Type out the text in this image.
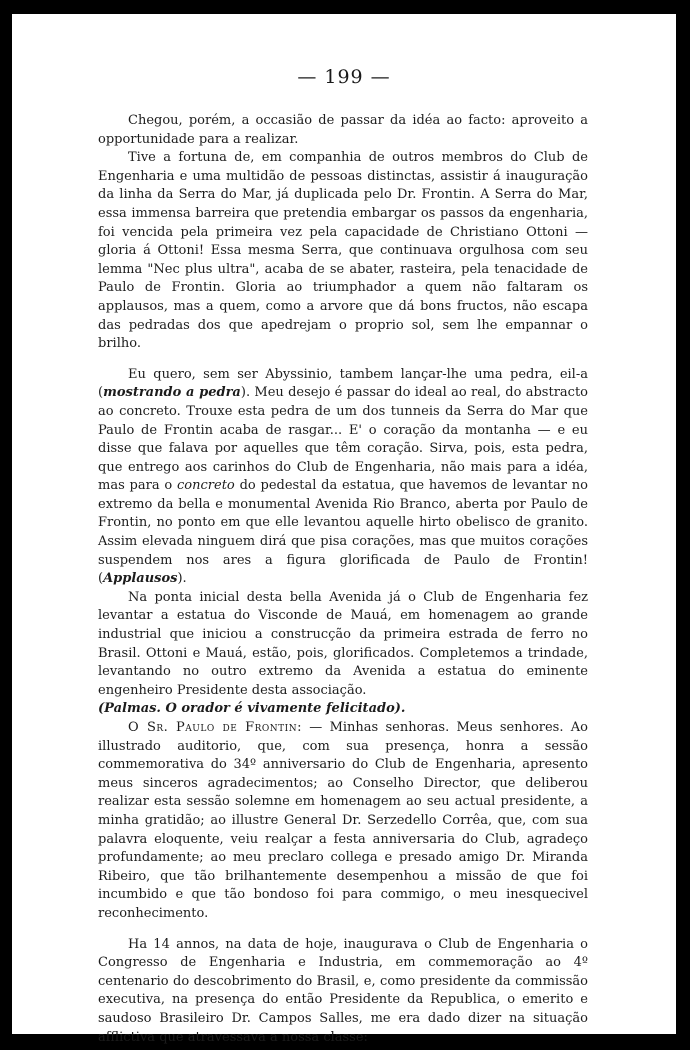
— 199 —

Chegou, porém, a occasião de passar da idéa ao facto: aproveito a opportunidade para a realizar.

Tive a fortuna de, em companhia de outros membros do Club de Engenharia e uma multidão de pessoas distinctas, assistir á inauguração da linha da Serra do Mar, já duplicada pelo Dr. Frontin. A Serra do Mar, essa immensa barreira que pretendia embargar os passos da engenharia, foi vencida pela primeira vez pela capacidade de Christiano Ottoni — gloria á Ottoni! Essa mesma Serra, que continuava orgulhosa com seu lemma "Nec plus ultra", acaba de se abater, rasteira, pela tenacidade de Paulo de Frontin. Gloria ao triumphador a quem não faltaram os applausos, mas a quem, como a arvore que dá bons fructos, não escapa das pedradas dos que apedrejam o proprio sol, sem lhe empannar o brilho.

Eu quero, sem ser Abyssinio, tambem lançar-lhe uma pedra, eil-a (mostrando a pedra). Meu desejo é passar do ideal ao real, do abstracto ao concreto. Trouxe esta pedra de um dos tunneis da Serra do Mar que Paulo de Frontin acaba de rasgar... E' o coração da montanha — e eu disse que falava por aquelles que têm coração. Sirva, pois, esta pedra, que entrego aos carinhos do Club de Engenharia, não mais para a idéa, mas para o concreto do pedestal da estatua, que havemos de levantar no extremo da bella e monumental Avenida Rio Branco, aberta por Paulo de Frontin, no ponto em que elle levantou aquelle hirto obelisco de granito. Assim elevada ninguem dirá que pisa corações, mas que muitos corações suspendem nos ares a figura glorificada de Paulo de Frontin! (Applausos).

Na ponta inicial desta bella Avenida já o Club de Engenharia fez levantar a estatua do Visconde de Mauá, em homenagem ao grande industrial que iniciou a construcção da primeira estrada de ferro no Brasil. Ottoni e Mauá, estão, pois, glorificados. Completemos a trindade, levantando no outro extremo da Avenida a estatua do eminente engenheiro Presidente desta associação.
(Palmas. O orador é vivamente felicitado).

O Sr. Paulo de Frontin: — Minhas senhoras. Meus senhores. Ao illustrado auditorio, que, com sua presença, honra a sessão commemorativa do 34º anniversario do Club de Engenharia, apresento meus sinceros agradecimentos; ao Conselho Director, que deliberou realizar esta sessão solemne em homenagem ao seu actual presidente, a minha gratidão; ao illustre General Dr. Serzedello Corrêa, que, com sua palavra eloquente, veiu realçar a festa anniversaria do Club, agradeço profundamente; ao meu preclaro collega e presado amigo Dr. Miranda Ribeiro, que tão brilhantemente desempenhou a missão de que foi incumbido e que tão bondoso foi para commigo, o meu inesquecivel reconhecimento.

Ha 14 annos, na data de hoje, inaugurava o Club de Engenharia o Congresso de Engenharia e Industria, em commemoração ao 4º centenario do descobrimento do Brasil, e, como presidente da commissão executiva, na presença do então Presidente da Republica, o emerito e saudoso Brasileiro Dr. Campos Salles, me era dado dizer na situação afflictiva que atravessava a nossa classe:
